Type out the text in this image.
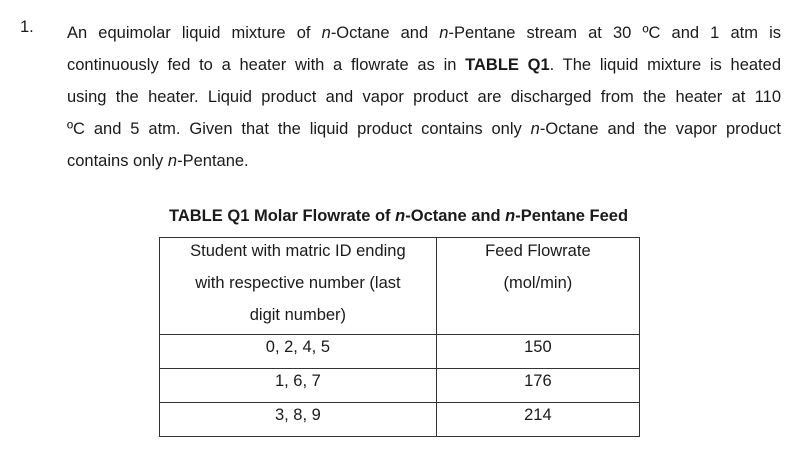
1. An equimolar liquid mixture of n-Octane and n-Pentane stream at 30 ºC and 1 atm is
continuously fed to a heater with a flowrate as in TABLE Q1. The liquid mixture is heated
using the heater. Liquid product and vapor product are discharged from the heater at 110
ºC and 5 atm. Given that the liquid product contains only n-Octane and the vapor product
contains only n-Pentane.
TABLE Q1 Molar Flowrate of n-Octane and n-Pentane Feed
Student with matric ID ending
with respective number (last
digit number)	Feed Flowrate
(mol/min)

0, 2, 4, 5	150
1, 6, 7	176
3, 8, 9	214
